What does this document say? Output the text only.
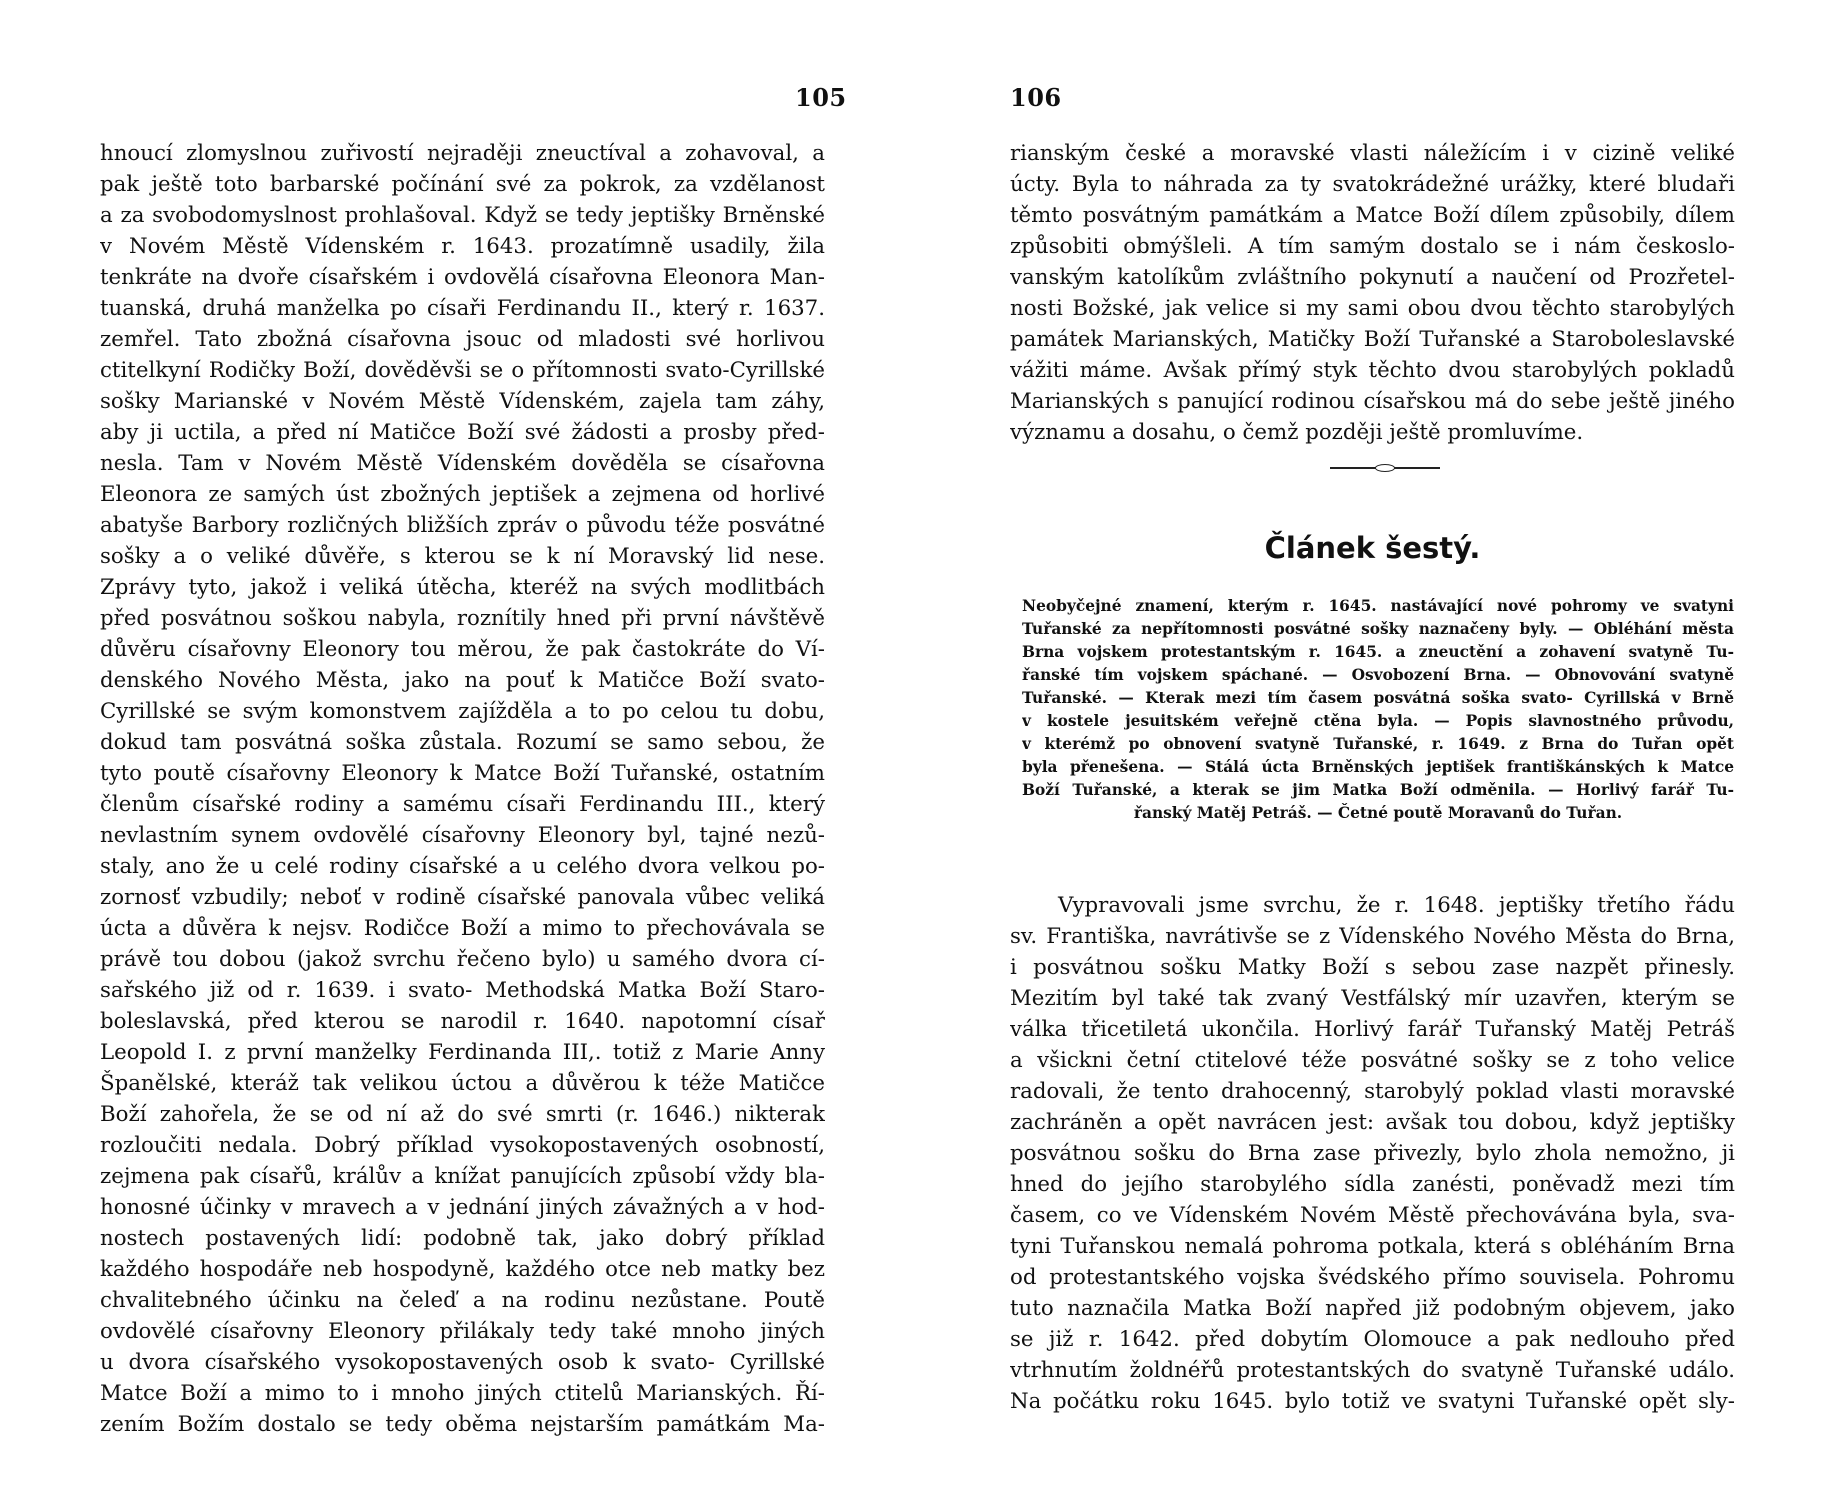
105
hnoucí zlomyslnou zuřivostí nejraději zneuctíval a zohavoval, a
pak ještě toto barbarské počínání své za pokrok, za vzdělanost
a za svobodomyslnost prohlašoval. Když se tedy jeptišky Brněnské
v Novém Městě Vídenském r. 1643. prozatímně usadily, žila
tenkráte na dvoře císařském i ovdovělá císařovna Eleonora Man-
tuanská, druhá manželka po císaři Ferdinandu II., který r. 1637.
zemřel. Tato zbožná císařovna jsouc od mladosti své horlivou
ctitelkyní Rodičky Boží, dověděvši se o přítomnosti svato-Cyrillské
sošky Marianské v Novém Městě Vídenském, zajela tam záhy,
aby ji uctila, a před ní Matičce Boží své žádosti a prosby před-
nesla. Tam v Novém Městě Vídenském dověděla se císařovna
Eleonora ze samých úst zbožných jeptišek a zejmena od horlivé
abatyše Barbory rozličných bližších zpráv o původu téže posvátné
sošky a o veliké důvěře, s kterou se k ní Moravský lid nese.
Zprávy tyto, jakož i veliká útěcha, kteréž na svých modlitbách
před posvátnou soškou nabyla, roznítily hned při první návštěvě
důvěru císařovny Eleonory tou měrou, že pak častokráte do Ví-
denského Nového Města, jako na pouť k Matičce Boží svato-
Cyrillské se svým komonstvem zajížděla a to po celou tu dobu,
dokud tam posvátná soška zůstala. Rozumí se samo sebou, že
tyto poutě císařovny Eleonory k Matce Boží Tuřanské, ostatním
členům císařské rodiny a samému císaři Ferdinandu III., který
nevlastním synem ovdovělé císařovny Eleonory byl, tajné nezů-
staly, ano že u celé rodiny císařské a u celého dvora velkou po-
zornosť vzbudily; neboť v rodině císařské panovala vůbec veliká
úcta a důvěra k nejsv. Rodičce Boží a mimo to přechovávala se
právě tou dobou (jakož svrchu řečeno bylo) u samého dvora cí-
sařského již od r. 1639. i svato- Methodská Matka Boží Staro-
boleslavská, před kterou se narodil r. 1640. napotomní císař
Leopold I. z první manželky Ferdinanda III,. totiž z Marie Anny
Španělské, kteráž tak velikou úctou a důvěrou k téže Matičce
Boží zahořela, že se od ní až do své smrti (r. 1646.) nikterak
rozloučiti nedala. Dobrý příklad vysokopostavených osobností,
zejmena pak císařů, králův a knížat panujících způsobí vždy bla-
honosné účinky v mravech a v jednání jiných závažných a v hod-
nostech postavených lidí: podobně tak, jako dobrý příklad
každého hospodáře neb hospodyně, každého otce neb matky bez
chvalitebného účinku na čeleď a na rodinu nezůstane. Poutě
ovdovělé císařovny Eleonory přilákaly tedy také mnoho jiných
u dvora císařského vysokopostavených osob k svato- Cyrillské
Matce Boží a mimo to i mnoho jiných ctitelů Marianských. Ří-
zením Božím dostalo se tedy oběma nejstarším památkám Ma-
106
rianským české a moravské vlasti náležícím i v cizině veliké
úcty. Byla to náhrada za ty svatokrádežné urážky, které bludaři
těmto posvátným památkám a Matce Boží dílem způsobily, dílem
způsobiti obmýšleli. A tím samým dostalo se i nám českoslo-
vanským katolíkům zvláštního pokynutí a naučení od Prozřetel-
nosti Božské, jak velice si my sami obou dvou těchto starobylých
památek Marianských, Matičky Boží Tuřanské a Staroboleslavské
vážiti máme. Avšak přímý styk těchto dvou starobylých pokladů
Marianských s panující rodinou císařskou má do sebe ještě jiného
významu a dosahu, o čemž později ještě promluvíme.
Článek šestý.
Neobyčejné znamení, kterým r. 1645. nastávající nové pohromy ve svatyni
Tuřanské za nepřítomnosti posvátné sošky naznačeny byly. — Obléhání města
Brna vojskem protestantským r. 1645. a zneuctění a zohavení svatyně Tu-
řanské tím vojskem spáchané. — Osvobození Brna. — Obnovování svatyně
Tuřanské. — Kterak mezi tím časem posvátná soška svato- Cyrillská v Brně
v kostele jesuitském veřejně ctěna byla. — Popis slavnostného průvodu,
v kterémž po obnovení svatyně Tuřanské, r. 1649. z Brna do Tuřan opět
byla přenešena. — Stálá úcta Brněnských jeptišek františkánských k Matce
Boží Tuřanské, a kterak se jim Matka Boží odměnila. — Horlivý farář Tu-
řanský Matěj Petráš. — Četné poutě Moravanů do Tuřan.
Vypravovali jsme svrchu, že r. 1648. jeptišky třetího řádu
sv. Františka, navrátivše se z Vídenského Nového Města do Brna,
i posvátnou sošku Matky Boží s sebou zase nazpět přinesly.
Mezitím byl také tak zvaný Vestfálský mír uzavřen, kterým se
válka třicetiletá ukončila. Horlivý farář Tuřanský Matěj Petráš
a všickni četní ctitelové téže posvátné sošky se z toho velice
radovali, že tento drahocenný, starobylý poklad vlasti moravské
zachráněn a opět navrácen jest: avšak tou dobou, když jeptišky
posvátnou sošku do Brna zase přivezly, bylo zhola nemožno, ji
hned do jejího starobylého sídla zanésti, poněvadž mezi tím
časem, co ve Vídenském Novém Městě přechovávána byla, sva-
tyni Tuřanskou nemalá pohroma potkala, která s obléháním Brna
od protestantského vojska švédského přímo souvisela. Pohromu
tuto naznačila Matka Boží napřed již podobným objevem, jako
se již r. 1642. před dobytím Olomouce a pak nedlouho před
vtrhnutím žoldnéřů protestantských do svatyně Tuřanské událo.
Na počátku roku 1645. bylo totiž ve svatyni Tuřanské opět sly-
